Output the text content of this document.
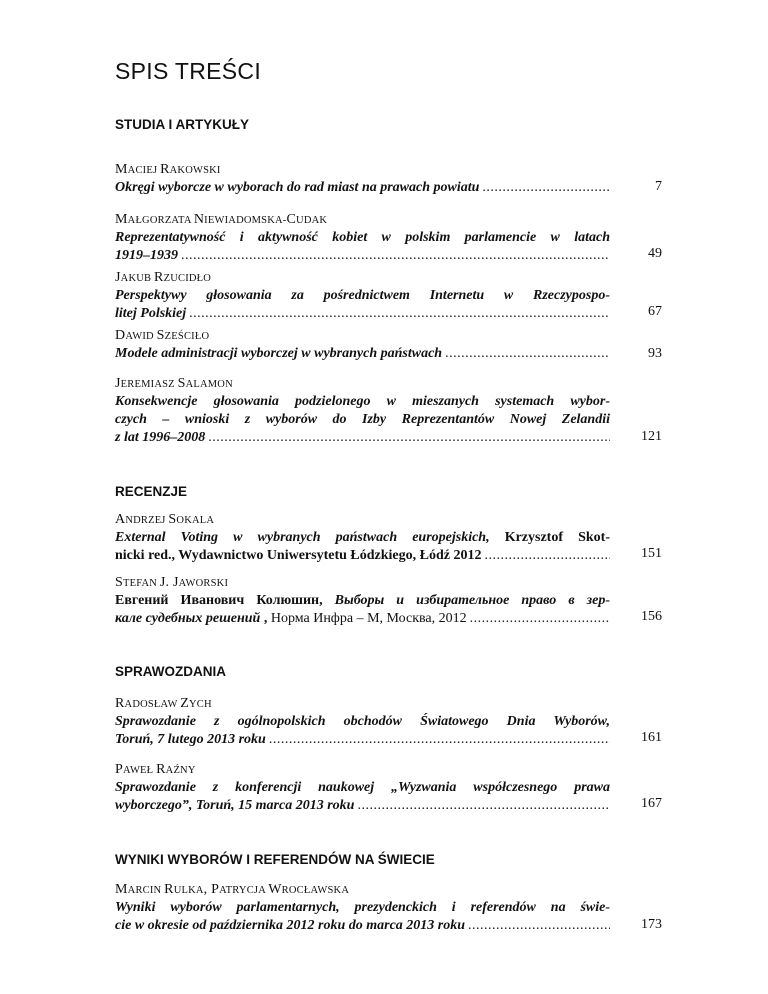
SPIS TREŚCI
STUDIA I ARTYKUŁY
MACIEJ RAKOWSKI
Okręgi wyborcze w wyborach do rad miast na prawach powiatu .....	7
MAŁGORZATA NIEWIADOMSKA-CUDAK
Reprezentatywność i aktywność kobiet w polskim parlamencie w latach
1919–1939 .....	49
JAKUB RZUCIDŁO
Perspektywy głosowania za pośrednictwem Internetu w Rzeczypospo-
litej Polskiej .....	67
DAWID SZEŚCIŁO
Modele administracji wyborczej w wybranych państwach .....	93
JEREMIASZ SALAMON
Konsekwencje głosowania podzielonego w mieszanych systemach wybor-
czych – wnioski z wyborów do Izby Reprezentantów Nowej Zelandii
z lat 1996–2008 .....	121
RECENZJE
ANDRZEJ SOKALA
External Voting w wybranych państwach europejskich, Krzysztof Skot-
nicki red., Wydawnictwo Uniwersytetu Łódzkiego, Łódź 2012 .....	151
STEFAN J. JAWORSKI
Евгений Иванович Колюшин, Выборы и избирательное право в зер-
кале судебных решений , Норма Инфра – М, Москва, 2012 .....	156
SPRAWOZDANIA
RADOSŁAW ZYCH
Sprawozdanie z ogólnopolskich obchodów Światowego Dnia Wyborów,
Toruń, 7 lutego 2013 roku .....	161
PAWEŁ RAŹNY
Sprawozdanie z konferencji naukowej „Wyzwania współczesnego prawa
wyborczego”, Toruń, 15 marca 2013 roku .....	167
WYNIKI WYBORÓW I REFERENDÓW NA ŚWIECIE
MARCIN RULKA, PATRYCJA WROCŁAWSKA
Wyniki wyborów parlamentarnych, prezydenckich i referendów na świe-
cie w okresie od października 2012 roku do marca 2013 roku .....	173
